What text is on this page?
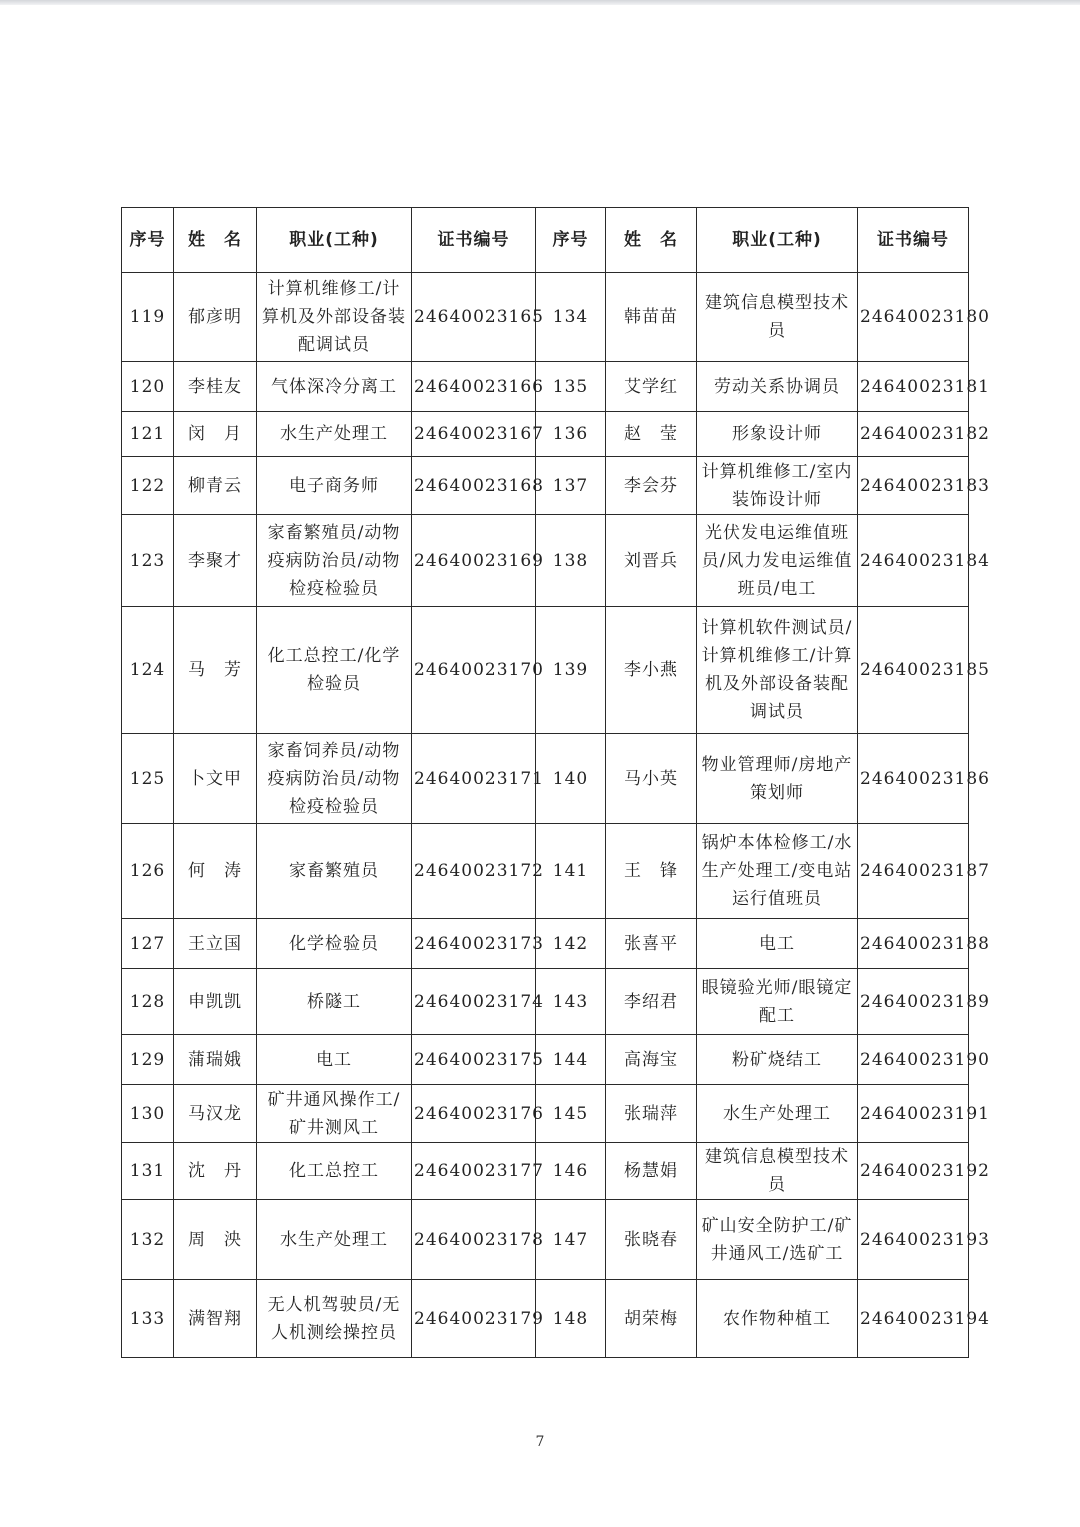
序号	姓　名	职业(工种)	证书编号	序号	姓　名	职业(工种)	证书编号
119	郁彦明	计算机维修工/计算机及外部设备装配调试员	24640023165	134	韩苗苗	建筑信息模型技术员	24640023180
120	李桂友	气体深冷分离工	24640023166	135	艾学红	劳动关系协调员	24640023181
121	闵　月	水生产处理工	24640023167	136	赵　莹	形象设计师	24640023182
122	柳青云	电子商务师	24640023168	137	李会芬	计算机维修工/室内装饰设计师	24640023183
123	李聚才	家畜繁殖员/动物疫病防治员/动物检疫检验员	24640023169	138	刘晋兵	光伏发电运维值班员/风力发电运维值班员/电工	24640023184
124	马　芳	化工总控工/化学检验员	24640023170	139	李小燕	计算机软件测试员/计算机维修工/计算机及外部设备装配调试员	24640023185
125	卜文甲	家畜饲养员/动物疫病防治员/动物检疫检验员	24640023171	140	马小英	物业管理师/房地产策划师	24640023186
126	何　涛	家畜繁殖员	24640023172	141	王　锋	锅炉本体检修工/水生产处理工/变电站运行值班员	24640023187
127	王立国	化学检验员	24640023173	142	张喜平	电工	24640023188
128	申凯凯	桥隧工	24640023174	143	李绍君	眼镜验光师/眼镜定配工	24640023189
129	蒲瑞娥	电工	24640023175	144	高海宝	粉矿烧结工	24640023190
130	马汉龙	矿井通风操作工/矿井测风工	24640023176	145	张瑞萍	水生产处理工	24640023191
131	沈　丹	化工总控工	24640023177	146	杨慧娟	建筑信息模型技术员	24640023192
132	周　泱	水生产处理工	24640023178	147	张晓春	矿山安全防护工/矿井通风工/选矿工	24640023193
133	满智翔	无人机驾驶员/无人机测绘操控员	24640023179	148	胡荣梅	农作物种植工	24640023194
7
